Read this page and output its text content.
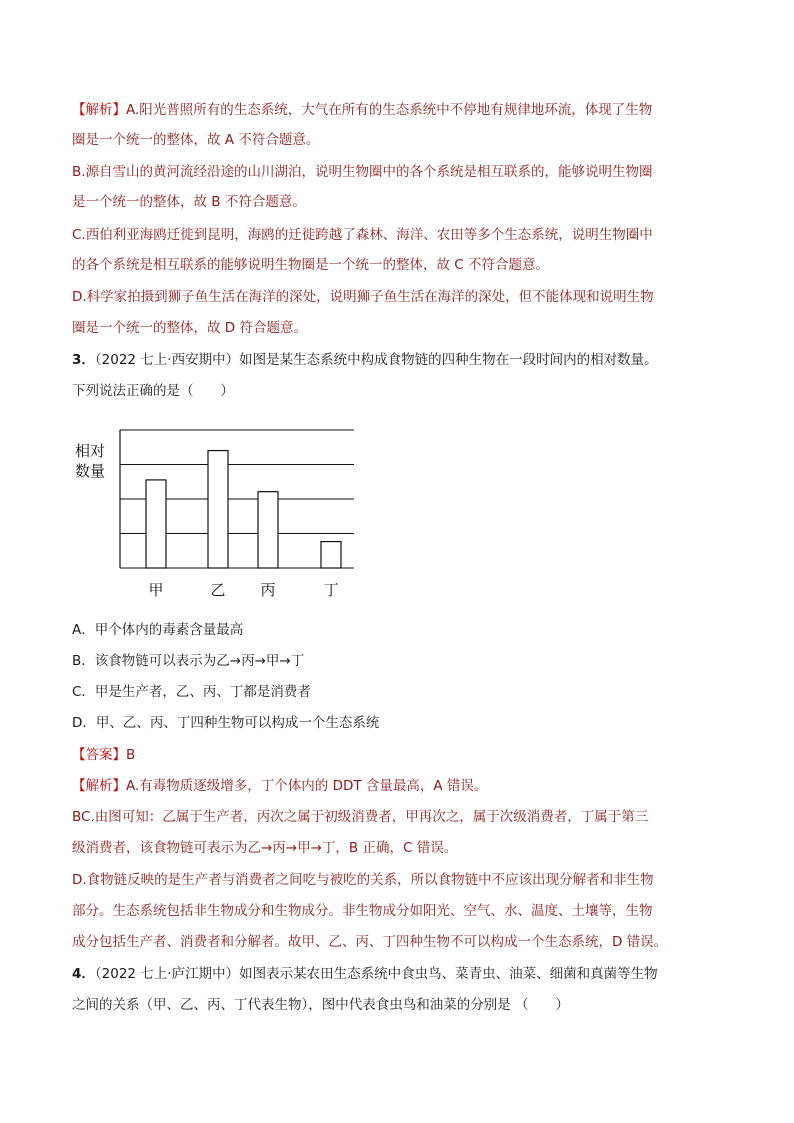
【解析】A.阳光普照所有的生态系统，大气在所有的生态系统中不停地有规律地环流，体现了生物
圈是一个统一的整体，故 A 不符合题意。
B.源自雪山的黄河流经沿途的山川湖泊，说明生物圈中的各个系统是相互联系的，能够说明生物圈
是一个统一的整体，故 B 不符合题意。
C.西伯利亚海鸥迁徙到昆明，海鸥的迁徙跨越了森林、海洋、农田等多个生态系统，说明生物圈中
的各个系统是相互联系的能够说明生物圈是一个统一的整体，故 C 不符合题意。
D.科学家拍摄到狮子鱼生活在海洋的深处，说明狮子鱼生活在海洋的深处，但不能体现和说明生物
圈是一个统一的整体，故 D 符合题意。
3．（2022 七上·西安期中）如图是某生态系统中构成食物链的四种生物在一段时间内的相对数量。
下列说法正确的是（　　）
相对
数量
甲	乙 丙	丁
A．甲个体内的毒素含量最高
B．该食物链可以表示为乙→丙→甲→丁
C．甲是生产者，乙、丙、丁都是消费者
D．甲、乙、丙、丁四种生物可以构成一个生态系统
【答案】B
【解析】A.有毒物质逐级增多，丁个体内的 DDT 含量最高，A 错误。
BC.由图可知：乙属于生产者，丙次之属于初级消费者，甲再次之，属于次级消费者，丁属于第三
级消费者，该食物链可表示为乙→丙→甲→丁，B 正确，C 错误。
D.食物链反映的是生产者与消费者之间吃与被吃的关系，所以食物链中不应该出现分解者和非生物
部分。生态系统包括非生物成分和生物成分。非生物成分如阳光、空气、水、温度、土壤等，生物
成分包括生产者、消费者和分解者。故甲、乙、丙、丁四种生物不可以构成一个生态系统，D 错误。
4．（2022 七上·庐江期中）如图表示某农田生态系统中食虫鸟、菜青虫、油菜、细菌和真菌等生物
之间的关系（甲、乙、丙、丁代表生物），图中代表食虫鸟和油菜的分别是 （　　）
